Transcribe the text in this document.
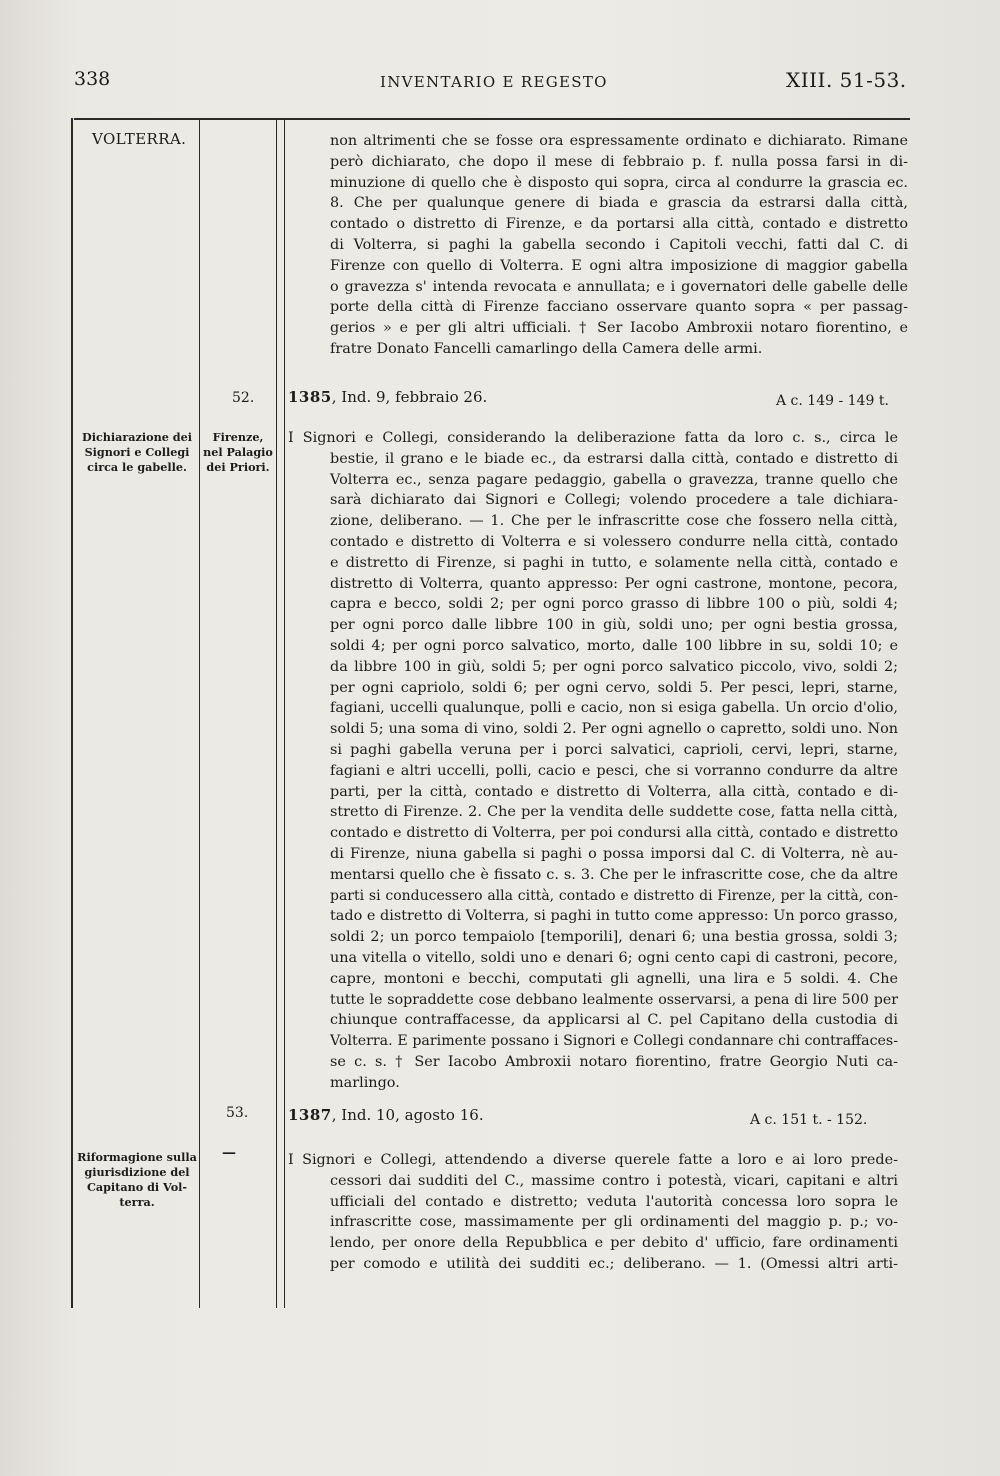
338	INVENTARIO E REGESTO	XIII. 51-53.
VOLTERRA.	non altrimenti che se fosse ora espressamente ordinato e dichiarato. Rimane
però dichiarato, che dopo il mese di febbraio p. f. nulla possa farsi in di-
minuzione di quello che è disposto qui sopra, circa al condurre la grascia ec.
8. Che per qualunque genere di biada e grascia da estrarsi dalla città,
contado o distretto di Firenze, e da portarsi alla città, contado e distretto
di Volterra, si paghi la gabella secondo i Capitoli vecchi, fatti dal C. di
Firenze con quello di Volterra. E ogni altra imposizione di maggior gabella
o gravezza s' intenda revocata e annullata; e i governatori delle gabelle delle
porte della città di Firenze facciano osservare quanto sopra « per passag-
gerios » e per gli altri ufficiali. † Ser Iacobo Ambroxii notaro fiorentino, e
fratre Donato Fancelli camarlingo della Camera delle armi.
52. 1385, Ind. 9, febbraio 26.	A c. 149 - 149 t.
Dichiarazione dei
Signori e Collegi
circa le gabelle.
Firenze,
nel Palagio
dei Priori.
I Signori e Collegi, considerando la deliberazione fatta da loro c. s., circa le
bestie, il grano e le biade ec., da estrarsi dalla città, contado e distretto di
Volterra ec., senza pagare pedaggio, gabella o gravezza, tranne quello che
sarà dichiarato dai Signori e Collegi; volendo procedere a tale dichiara-
zione, deliberano. — 1. Che per le infrascritte cose che fossero nella città,
contado e distretto di Volterra e si volessero condurre nella città, contado
e distretto di Firenze, si paghi in tutto, e solamente nella città, contado e
distretto di Volterra, quanto appresso: Per ogni castrone, montone, pecora,
capra e becco, soldi 2; per ogni porco grasso di libbre 100 o più, soldi 4;
per ogni porco dalle libbre 100 in giù, soldi uno; per ogni bestia grossa,
soldi 4; per ogni porco salvatico, morto, dalle 100 libbre in su, soldi 10; e
da libbre 100 in giù, soldi 5; per ogni porco salvatico piccolo, vivo, soldi 2;
per ogni capriolo, soldi 6; per ogni cervo, soldi 5. Per pesci, lepri, starne,
fagiani, uccelli qualunque, polli e cacio, non si esiga gabella. Un orcio d'olio,
soldi 5; una soma di vino, soldi 2. Per ogni agnello o capretto, soldi uno. Non
si paghi gabella veruna per i porci salvatici, caprioli, cervi, lepri, starne,
fagiani e altri uccelli, polli, cacio e pesci, che si vorranno condurre da altre
parti, per la città, contado e distretto di Volterra, alla città, contado e di-
stretto di Firenze. 2. Che per la vendita delle suddette cose, fatta nella città,
contado e distretto di Volterra, per poi condursi alla città, contado e distretto
di Firenze, niuna gabella si paghi o possa imporsi dal C. di Volterra, nè au-
mentarsi quello che è fissato c. s. 3. Che per le infrascritte cose, che da altre
parti si conducessero alla città, contado e distretto di Firenze, per la città, con-
tado e distretto di Volterra, si paghi in tutto come appresso: Un porco grasso,
soldi 2; un porco tempaiolo [temporili], denari 6; una bestia grossa, soldi 3;
una vitella o vitello, soldi uno e denari 6; ogni cento capi di castroni, pecore,
capre, montoni e becchi, computati gli agnelli, una lira e 5 soldi. 4. Che
tutte le sopraddette cose debbano lealmente osservarsi, a pena di lire 500 per
chiunque contraffacesse, da applicarsi al C. pel Capitano della custodia di
Volterra. E parimente possano i Signori e Collegi condannare chi contraffaces-
se c. s. † Ser Iacobo Ambroxii notaro fiorentino, fratre Georgio Nuti ca-
marlingo.
53.
—
1387, Ind. 10, agosto 16.	A c. 151 t. - 152.
Riformagione sulla
giurisdizione del
Capitano di Vol-
terra.
I Signori e Collegi, attendendo a diverse querele fatte a loro e ai loro prede-
cessori dai sudditi del C., massime contro i potestà, vicari, capitani e altri
ufficiali del contado e distretto; veduta l'autorità concessa loro sopra le
infrascritte cose, massimamente per gli ordinamenti del maggio p. p.; vo-
lendo, per onore della Repubblica e per debito d' ufficio, fare ordinamenti
per comodo e utilità dei sudditi ec.; deliberano. — 1. (Omessi altri arti-
